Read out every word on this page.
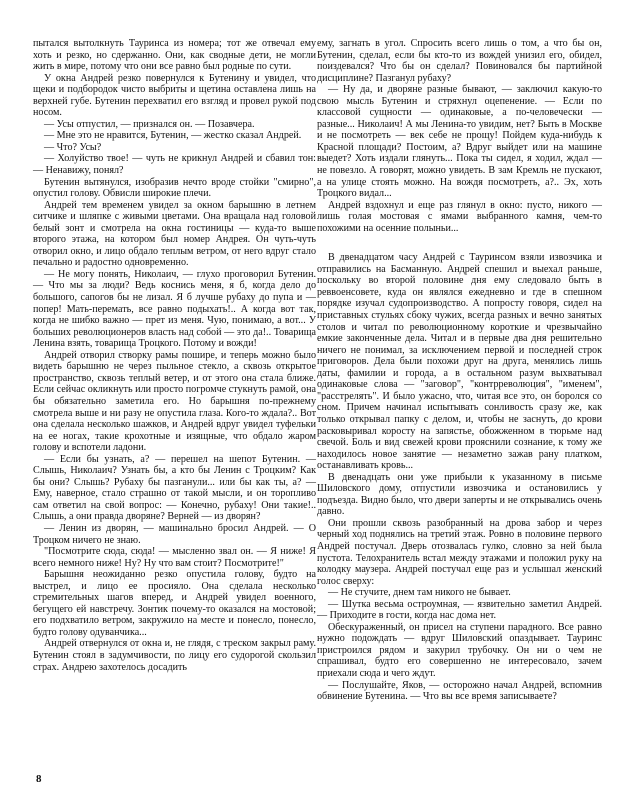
пытался вытолкнуть Тауринса из номера; тот же отвечал ему хоть и резко, но сдержанно. Они, как сводные дети, не могли жить в мире, потому что они все равно был родные по сути.

У окна Андрей резко повернулся к Бутенину и увидел, что щеки и подбородок чисто выбриты и щетина оставлена лишь на верхней губе. Бутенин перехватил его взгляд и провел рукой под носом.

— Усы отпустил, — признался он. — Позавчера.

— Мне это не нравится, Бутенин, — жестко сказал Андрей.

— Что? Усы?

— Холуйство твое! — чуть не крикнул Андрей и сбавил тон: — Ненавижу, понял?

Бутенин вытянулся, изобразив нечто вроде стойки "смирно", опустил голову. Обвисли широкие плечи.

Андрей тем временем увидел за окном барышню в летнем ситчике и шляпке с живыми цветами. Она вращала над головой белый зонт и смотрела на окна гостиницы — куда-то выше второго этажа, на котором был номер Андрея. Он чуть-чуть отворил окно, и лицо обдало теплым ветром, от него вдруг стало печально и радостно одновременно.

— Не могу понять, Николаич, — глухо проговорил Бутенин. — Что мы за люди? Ведь коснись меня, я б, когда дело до большого, сапогов бы не лизал. Я б лучше рубаху до пупа и — попер! Мать-перемать, все равно подыхать!.. А когда вот так, когда не шибко важно — прет из меня. Чую, понимаю, а вот... У больших революционеров власть над собой — это да!.. Товарища Ленина взять, товарища Троцкого. Потому и вожди!

Андрей отворил створку рамы пошире, и теперь можно было видеть барышню не через пыльное стекло, а сквозь открытое пространство, сквозь теплый ветер, и от этого она стала ближе. Если сейчас окликнуть или просто погромче стукнуть рамой, она бы обязательно заметила его. Но барышня по-прежнему смотрела выше и ни разу не опустила глаза. Кого-то ждала?.. Вот она сделала несколько шажков, и Андрей вдруг увидел туфельки на ее ногах, такие крохотные и изящные, что обдало жаром голову и вспотели ладони.

— Если бы узнать, а? — перешел на шепот Бутенин. — Слышь, Николаич? Узнать бы, а кто бы Ленин с Троцким? Как бы они? Слышь? Рубаху бы пазганули... или бы как ты, а? — Ему, наверное, стало страшно от такой мысли, и он торопливо сам ответил на свой вопрос: — Конечно, рубаху! Они такие!.. Слышь, а они правда дворяне? Верней — из дворян?

— Ленин из дворян, — машинально бросил Андрей. — О Троцком ничего не знаю.

"Посмотрите сюда, сюда! — мысленно звал он. — Я ниже! Я всего немного ниже! Ну? Ну что вам стоит? Посмотрите!"

Барышня неожиданно резко опустила голову, будто на выстрел, и лицо ее просияло. Она сделала несколько стремительных шагов вперед, и Андрей увидел военного, бегущего ей навстречу. Зонтик почему-то оказался на мостовой; его подхватило ветром, закружило на месте и понесло, понесло, будто голову одуванчика...

Андрей отвернулся от окна и, не глядя, с треском закрыл раму. Бутенин стоял в задумчивости, по лицу его судорогой скользил страх. Андрею захотелось досадить

ему, загнать в угол. Спросить всего лишь о том, а что бы он, Бутенин, сделал, если бы кто-то из вождей унизил его, обидел, поиздевался? Что бы он сделал? Повиновался бы партийной дисциплине? Пазганул рубаху?

— Ну да, и дворяне разные бывают, — заключил какую-то свою мысль Бутенин и стряхнул оцепенение. — Если по классовой сущности — одинаковые, а по-человечески — разные... Николаич! А мы Ленина-то увидим, нет? Быть в Москве и не посмотреть — век себе не прощу! Пойдем куда-нибудь к Красной площади? Постоим, а? Вдруг выйдет или на машине выедет? Хоть издали глянуть... Пока ты сидел, я ходил, ждал — не повезло. А говорят, можно увидеть. В зам Кремль не пускают, а на улице стоять можно. На вождя посмотреть, а?.. Эх, хоть Троцкого видал...

Андрей вздохнул и еще раз глянул в окно: пусто, никого — лишь голая мостовая с ямами выбранного камня, чем-то похожими на осенние полыньи...

В двенадцатом часу Андрей с Тауринсом взяли извозчика и отправились на Басманную. Андрей спешил и выехал раньше, поскольку во второй половине дня ему следовало быть в реввоенсовете, куда он являлся ежедневно и где в спешном порядке изучал судопроизводство. А попросту говоря, сидел на приставных стульях сбоку чужих, всегда разных и вечно занятых столов и читал по революционному короткие и чрезвычайно емкие законченные дела. Читал и в первые два дня решительно ничего не понимал, за исключением первой и последней строк приговоров. Дела были похожи друг на друга, менялись лишь даты, фамилии и города, а в остальном разум выхватывал одинаковые слова — "заговор", "контрреволюция", "именем", "расстрелять". И было ужасно, что, читая все это, он боролся со сном. Причем начинал испытывать сонливость сразу же, как только открывал папку с делом, и, чтобы не заснуть, до крови расковыривал коросту на запястье, обожженном в тюрьме над свечой. Боль и вид свежей крови прояснили сознание, к тому же находилось новое занятие — незаметно зажав рану платком, останавливать кровь...

В двенадцать они уже прибыли к указанному в письме Шиловского дому, отпустили извозчика и остановились у подъезда. Видно было, что двери заперты и не открывались очень давно.

Они прошли сквозь разобранный на дрова забор и через черный ход поднялись на третий этаж. Ровно в половине первого Андрей постучал. Дверь отозвалась гулко, словно за ней была пустота. Телохранитель встал между этажами и положил руку на колодку маузера. Андрей постучал еще раз и услышал женский голос сверху:

— Не стучите, днем там никого не бывает.

— Шутка весьма остроумная, — язвительно заметил Андрей. — Приходите в гости, когда нас дома нет.

Обескураженный, он присел на ступени парадного. Все равно нужно подождать — вдруг Шиловский опаздывает. Тауринс пристроился рядом и закурил трубочку. Он ни о чем не спрашивал, будто его совершенно не интересовало, зачем приехали сюда и чего ждут.

— Послушайте, Яков, — осторожно начал Андрей, вспомнив обвинение Бутенина. — Что вы все время записываете?

8
